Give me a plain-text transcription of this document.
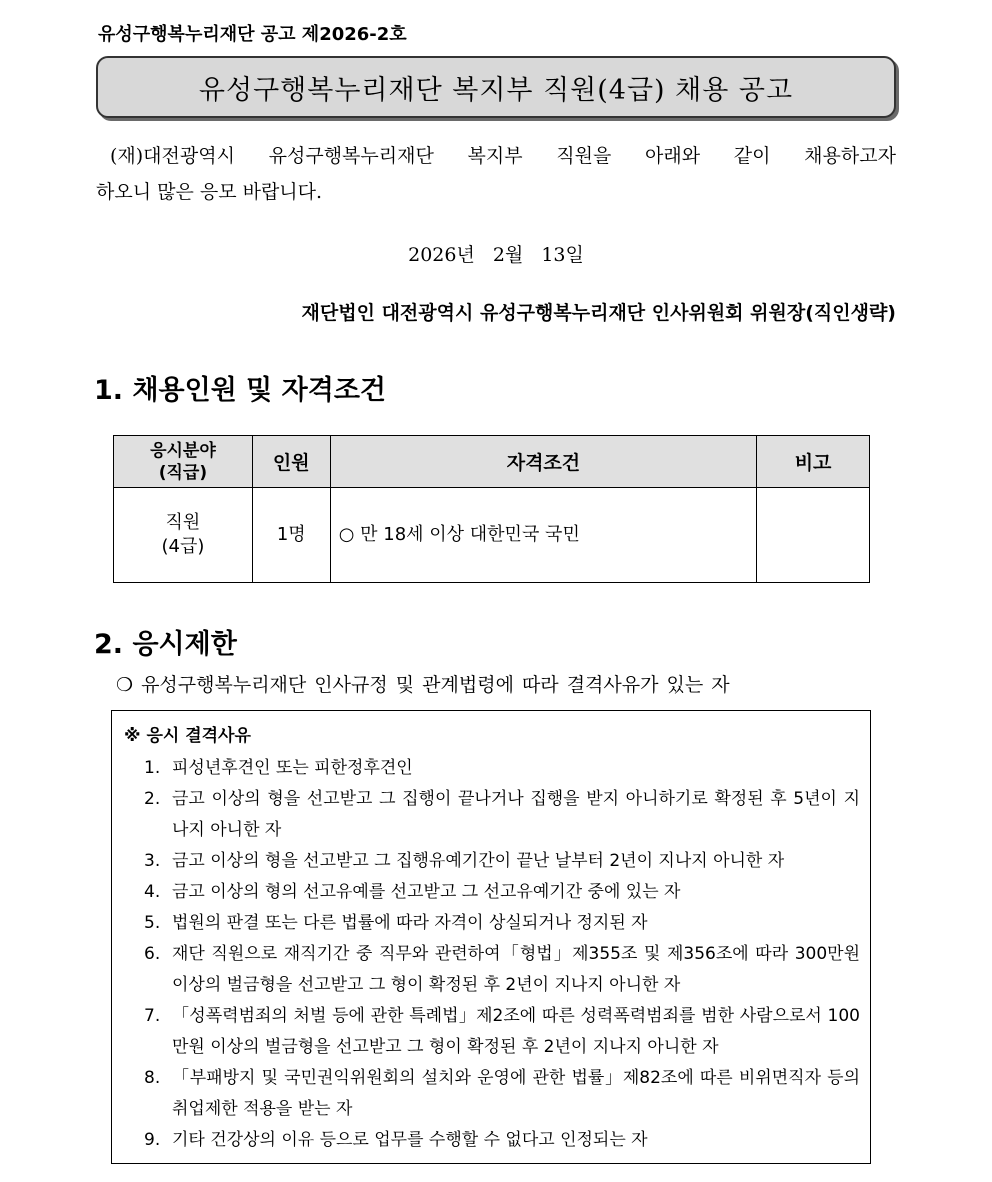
유성구행복누리재단 공고 제2026-2호
유성구행복누리재단 복지부 직원(4급) 채용 공고
(재)대전광역시 유성구행복누리재단 복지부 직원을 아래와 같이 채용하고자
하오니 많은 응모 바랍니다.
2026년 2월 13일
재단법인 대전광역시 유성구행복누리재단 인사위원회 위원장(직인생략)
1. 채용인원 및 자격조건
응시분야
(직급)	인원	자격조건	비고

직원
(4급)	1명	○ 만 18세 이상 대한민국 국민	
2. 응시제한
❍ 유성구행복누리재단 인사규정 및 관계법령에 따라 결격사유가 있는 자
※ 응시 결격사유
1. 피성년후견인 또는 피한정후견인
2. 금고 이상의 형을 선고받고 그 집행이 끝나거나 집행을 받지 아니하기로 확정된 후 5년이 지나지 아니한 자
3. 금고 이상의 형을 선고받고 그 집행유예기간이 끝난 날부터 2년이 지나지 아니한 자
4. 금고 이상의 형의 선고유예를 선고받고 그 선고유예기간 중에 있는 자
5. 법원의 판결 또는 다른 법률에 따라 자격이 상실되거나 정지된 자
6. 재단 직원으로 재직기간 중 직무와 관련하여「형법」제355조 및 제356조에 따라 300만원 이상의 벌금형을 선고받고 그 형이 확정된 후 2년이 지나지 아니한 자
7. 「성폭력범죄의 처벌 등에 관한 특례법」제2조에 따른 성력폭력범죄를 범한 사람으로서 100만원 이상의 벌금형을 선고받고 그 형이 확정된 후 2년이 지나지 아니한 자
8. 「부패방지 및 국민권익위원회의 설치와 운영에 관한 법률」제82조에 따른 비위면직자 등의 취업제한 적용을 받는 자
9. 기타 건강상의 이유 등으로 업무를 수행할 수 없다고 인정되는 자
